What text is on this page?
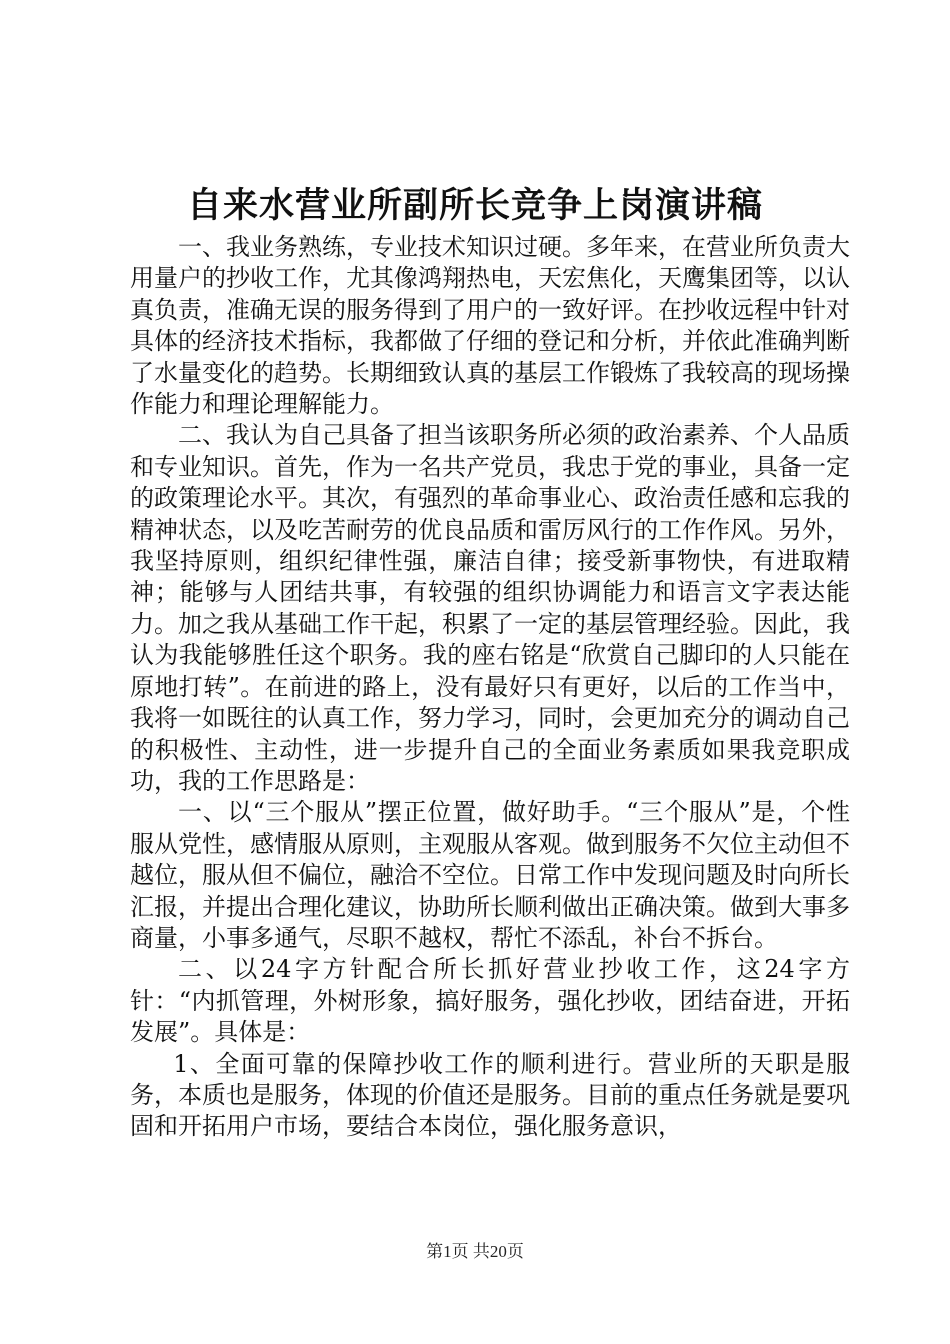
自来水营业所副所长竞争上岗演讲稿

一、我业务熟练，专业技术知识过硬。多年来，在营业所负责大用量户的抄收工作，尤其像鸿翔热电，天宏焦化，天鹰集团等，以认真负责，准确无误的服务得到了用户的一致好评。在抄收远程中针对具体的经济技术指标，我都做了仔细的登记和分析，并依此准确判断了水量变化的趋势。长期细致认真的基层工作锻炼了我较高的现场操作能力和理论理解能力。

二、我认为自己具备了担当该职务所必须的政治素养、个人品质和专业知识。首先，作为一名共产党员，我忠于党的事业，具备一定的政策理论水平。其次，有强烈的革命事业心、政治责任感和忘我的精神状态，以及吃苦耐劳的优良品质和雷厉风行的工作作风。另外，我坚持原则，组织纪律性强，廉洁自律；接受新事物快，有进取精神；能够与人团结共事，有较强的组织协调能力和语言文字表达能力。加之我从基础工作干起，积累了一定的基层管理经验。因此，我认为我能够胜任这个职务。我的座右铭是“欣赏自己脚印的人只能在原地打转”。在前进的路上，没有最好只有更好，以后的工作当中，我将一如既往的认真工作，努力学习，同时，会更加充分的调动自己的积极性、主动性，进一步提升自己的全面业务素质如果我竞职成功，我的工作思路是：

一、以“三个服从”摆正位置，做好助手。“三个服从”是，个性服从党性，感情服从原则，主观服从客观。做到服务不欠位主动但不越位，服从但不偏位，融洽不空位。日常工作中发现问题及时向所长汇报，并提出合理化建议，协助所长顺利做出正确决策。做到大事多商量，小事多通气，尽职不越权，帮忙不添乱，补台不拆台。

二、以24字方针配合所长抓好营业抄收工作，这24字方针：“内抓管理，外树形象，搞好服务，强化抄收，团结奋进，开拓发展”。具体是：

1、全面可靠的保障抄收工作的顺利进行。营业所的天职是服务，本质也是服务，体现的价值还是服务。目前的重点任务就是要巩固和开拓用户市场，要结合本岗位，强化服务意识，

第1页 共20页
